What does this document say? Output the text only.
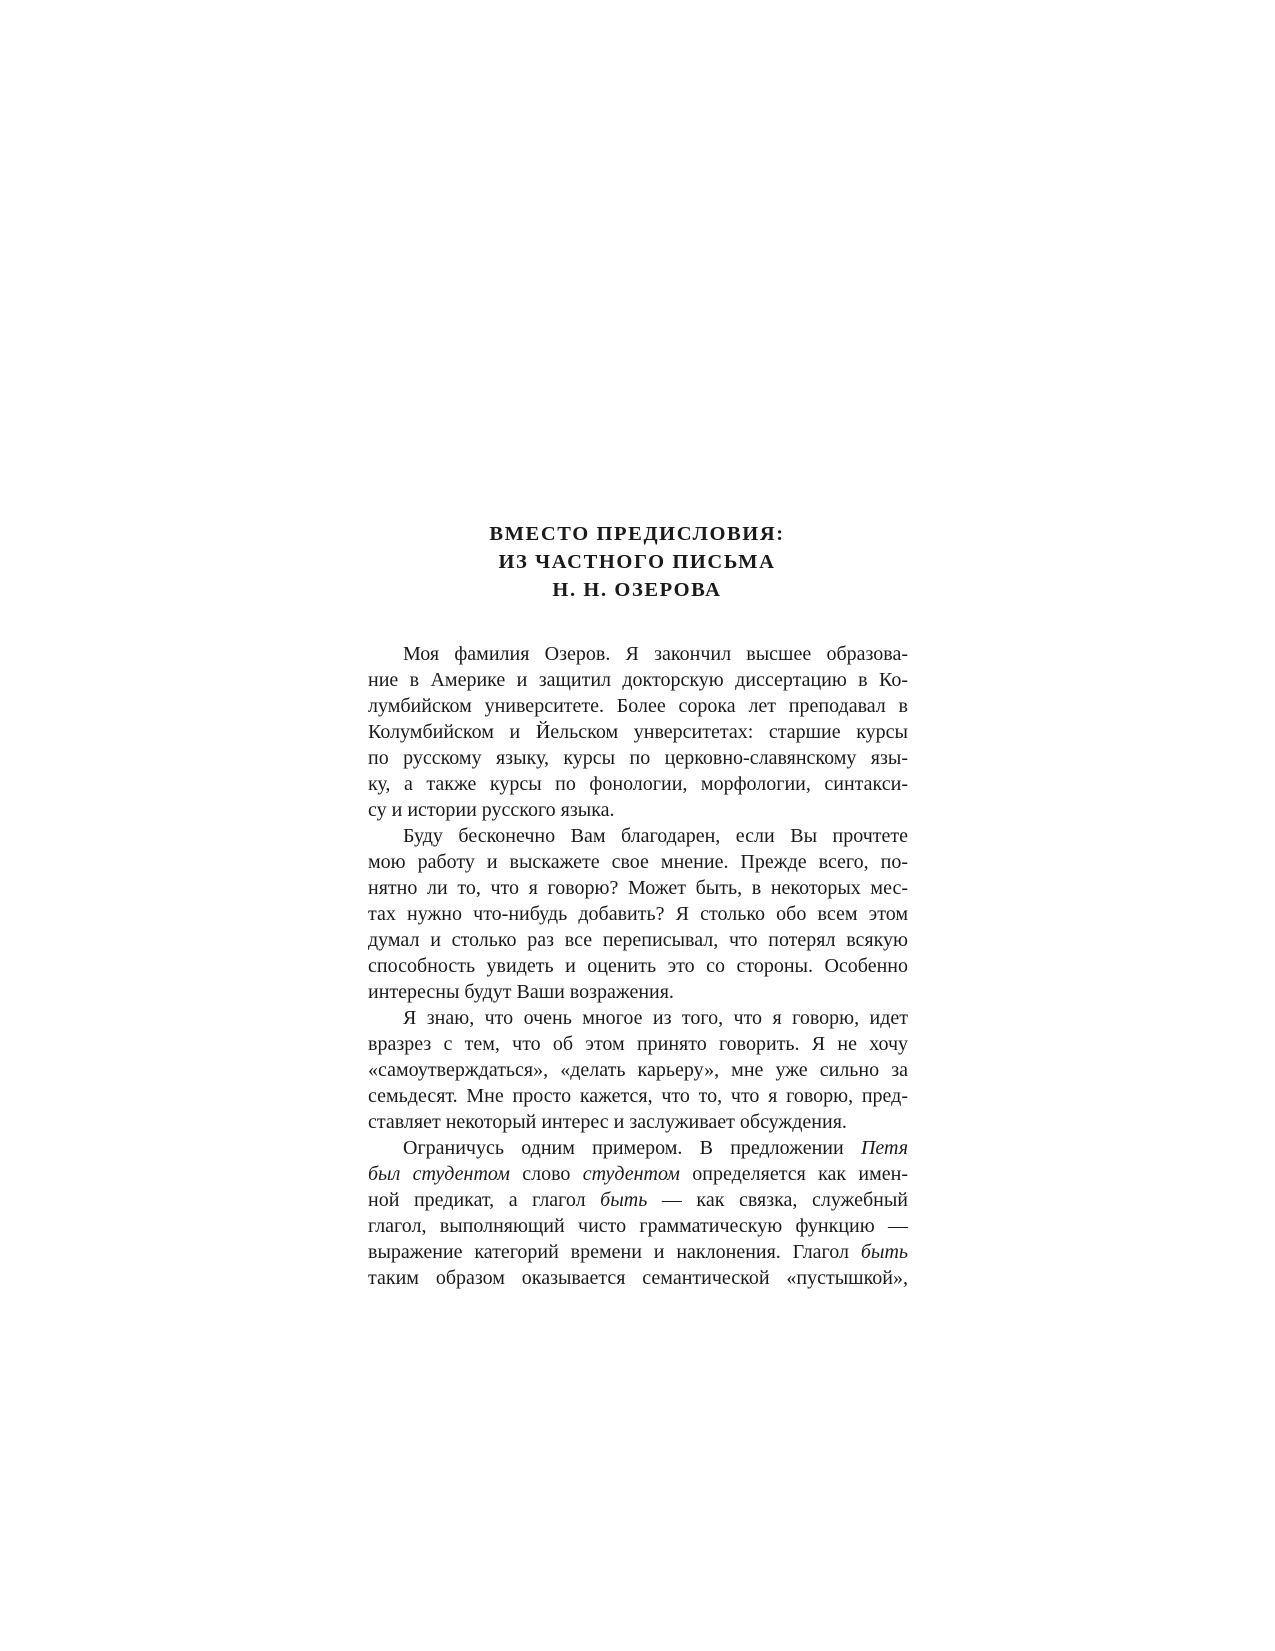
ВМЕСТО ПРЕДИСЛОВИЯ:
ИЗ ЧАСТНОГО ПИСЬМА
Н. Н. ОЗЕРОВА
Моя фамилия Озеров. Я закончил высшее образова-
ние в Америке и защитил докторскую диссертацию в Ко-
лумбийском университете. Более сорока лет преподавал в
Колумбийском и Йельском унверситетах: старшие курсы
по русскому языку, курсы по церковно-славянскому язы-
ку, а также курсы по фонологии, морфологии, синтакси-
су и истории русского языка.
Буду бесконечно Вам благодарен, если Вы прочтете
мою работу и выскажете свое мнение. Прежде всего, по-
нятно ли то, что я говорю? Может быть, в некоторых мес-
тах нужно что-нибудь добавить? Я столько обо всем этом
думал и столько раз все переписывал, что потерял всякую
способность увидеть и оценить это со стороны. Особенно
интересны будут Ваши возражения.
Я знаю, что очень многое из того, что я говорю, идет
вразрез с тем, что об этом принято говорить. Я не хочу
«самоутверждаться», «делать карьеру», мне уже сильно за
семьдесят. Мне просто кажется, что то, что я говорю, пред-
ставляет некоторый интерес и заслуживает обсуждения.
Ограничусь одним примером. В предложении Петя
был студентом слово студентом определяется как имен-
ной предикат, а глагол быть — как связка, служебный
глагол, выполняющий чисто грамматическую функцию —
выражение категорий времени и наклонения. Глагол быть
таким образом оказывается семантической «пустышкой»,
